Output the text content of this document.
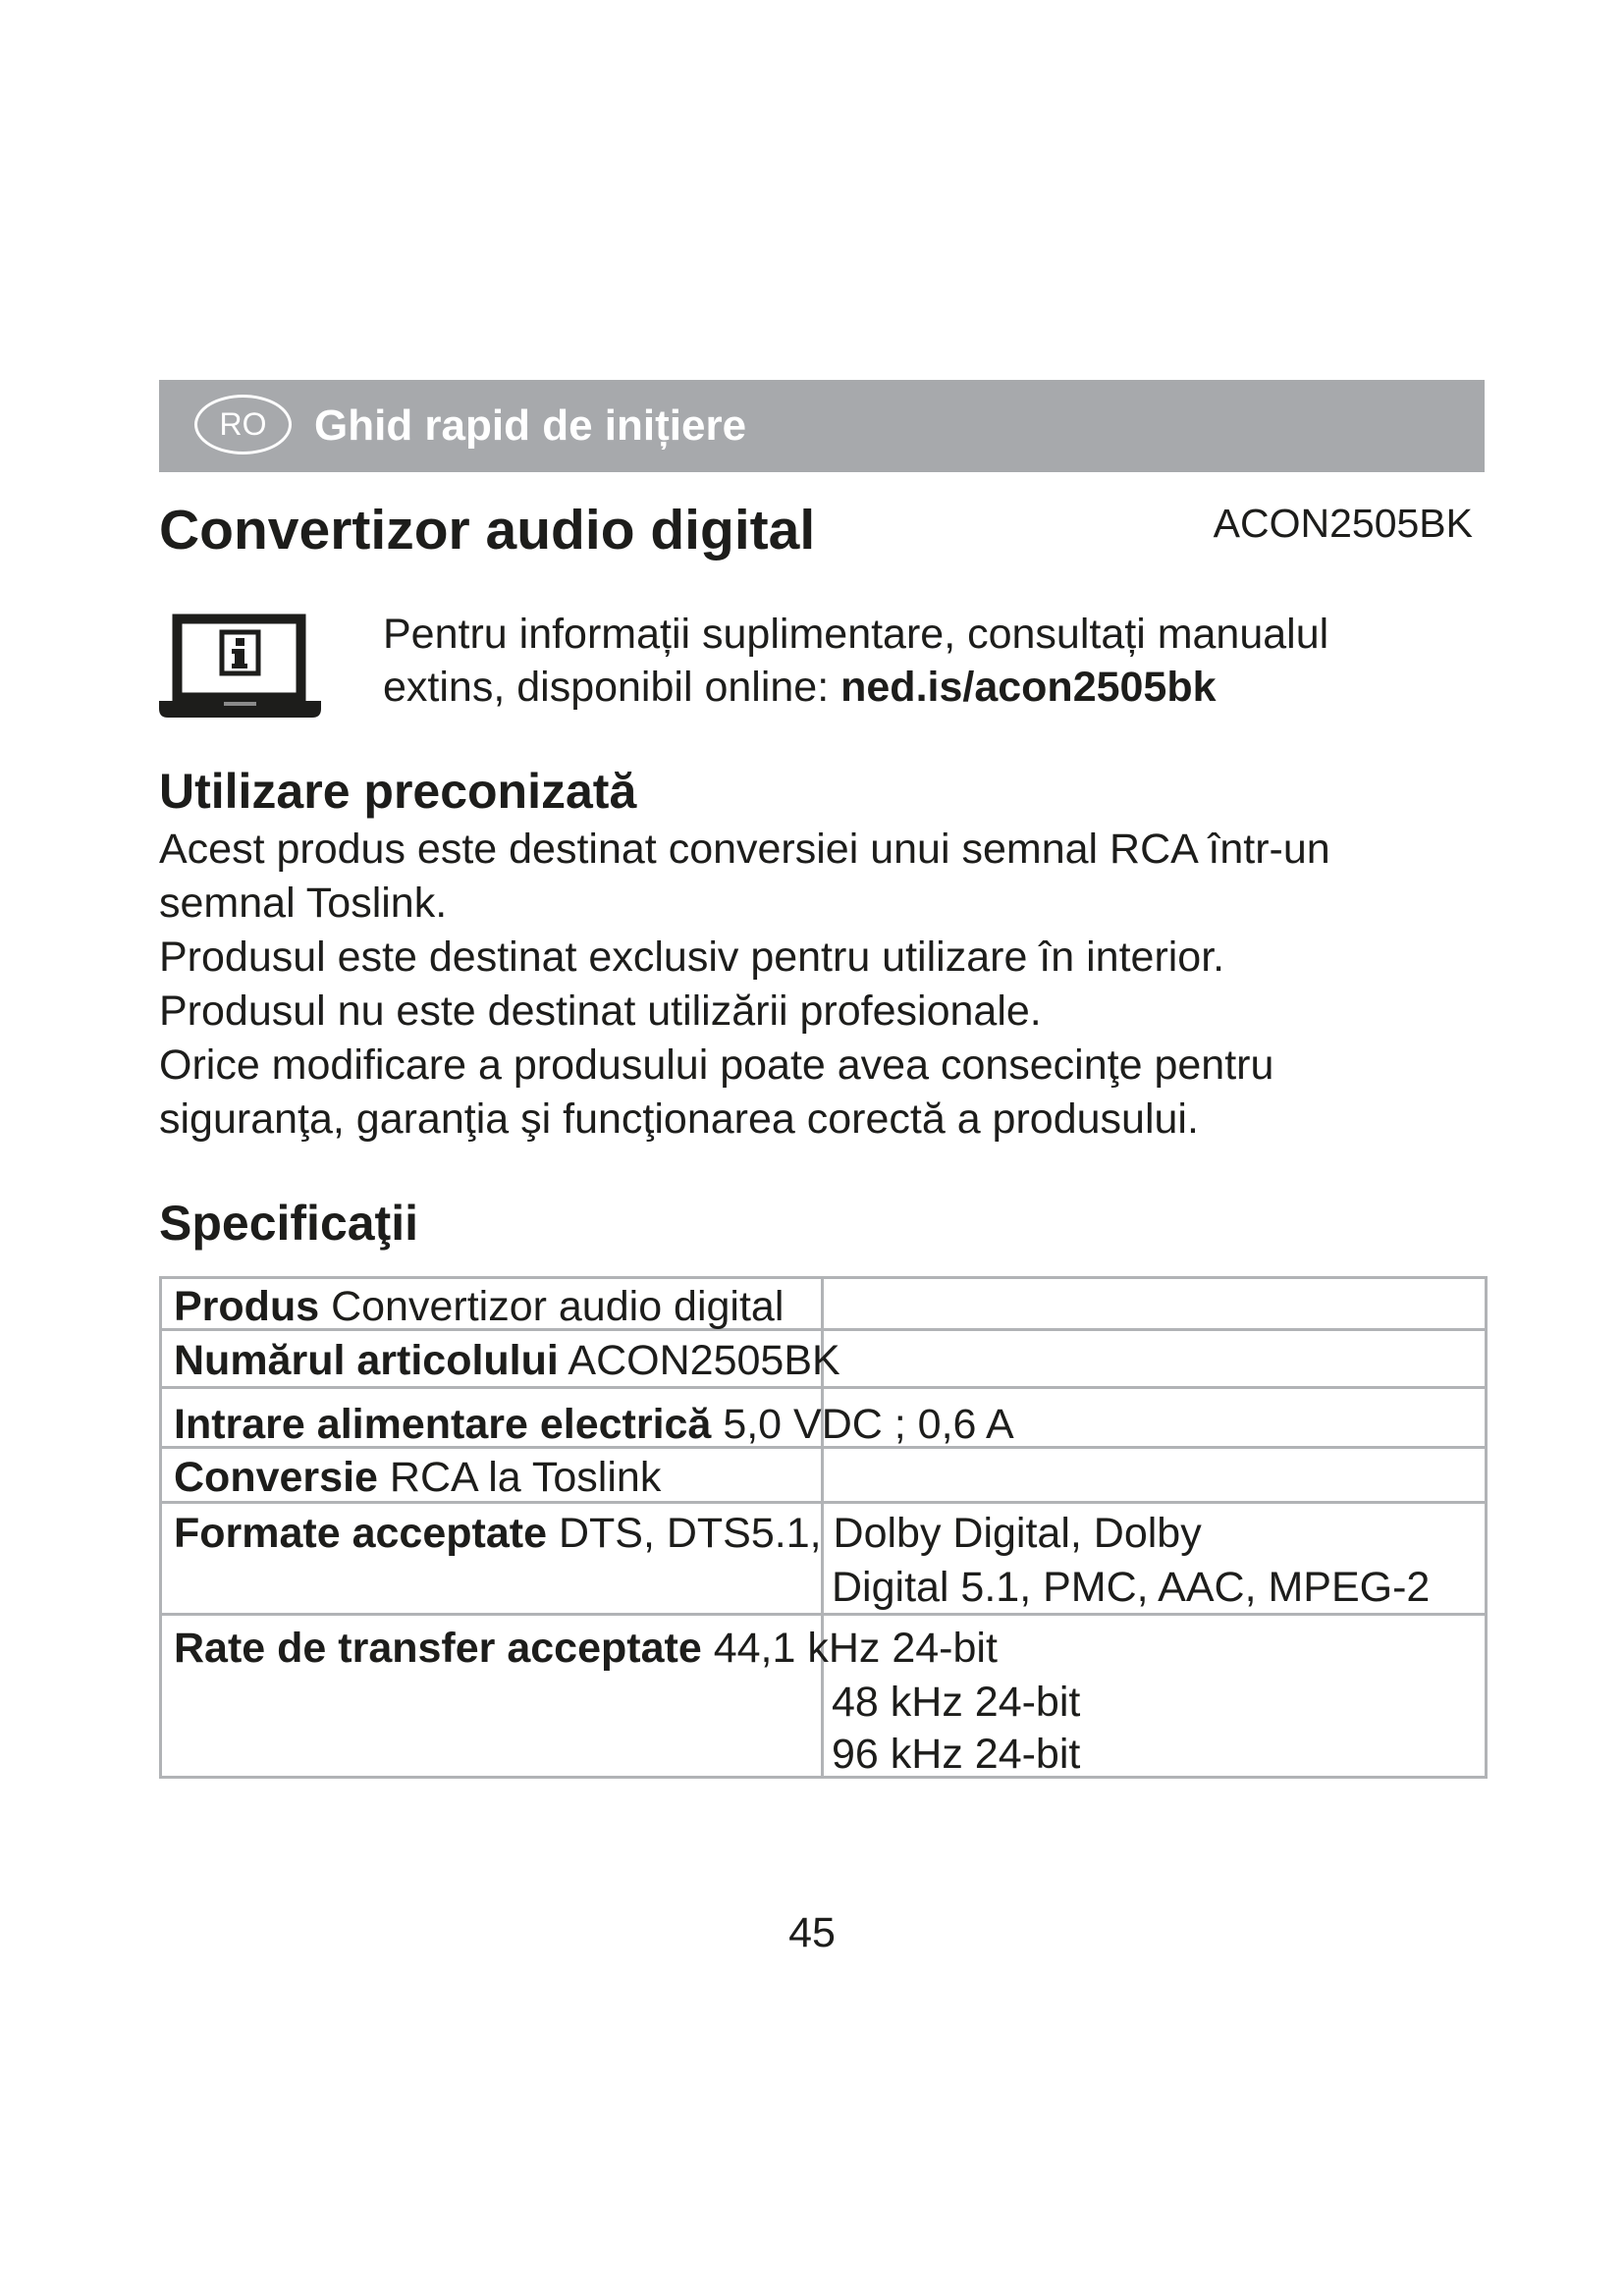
RO	Ghid rapid de inițiere
Convertizor audio digital	ACON2505BK
Pentru informații suplimentare, consultați manualul
extins, disponibil online: ned.is/acon2505bk
Utilizare preconizată
Acest produs este destinat conversiei unui semnal RCA într-un
semnal Toslink.
Produsul este destinat exclusiv pentru utilizare în interior.
Produsul nu este destinat utilizării profesionale.
Orice modificare a produsului poate avea consecinţe pentru
siguranţa, garanţia şi funcţionarea corectă a produsului.
Specificaţii
Produs Convertizor audio digital
Numărul articolului ACON2505BK
Intrare alimentare electrică 5,0 VDC ; 0,6 A
Conversie RCA la Toslink
Formate acceptate DTS, DTS5.1, Dolby Digital, Dolby
Digital 5.1, PMC, AAC, MPEG-2
Rate de transfer acceptate 44,1 kHz 24-bit
48 kHz 24-bit
96 kHz 24-bit
45
